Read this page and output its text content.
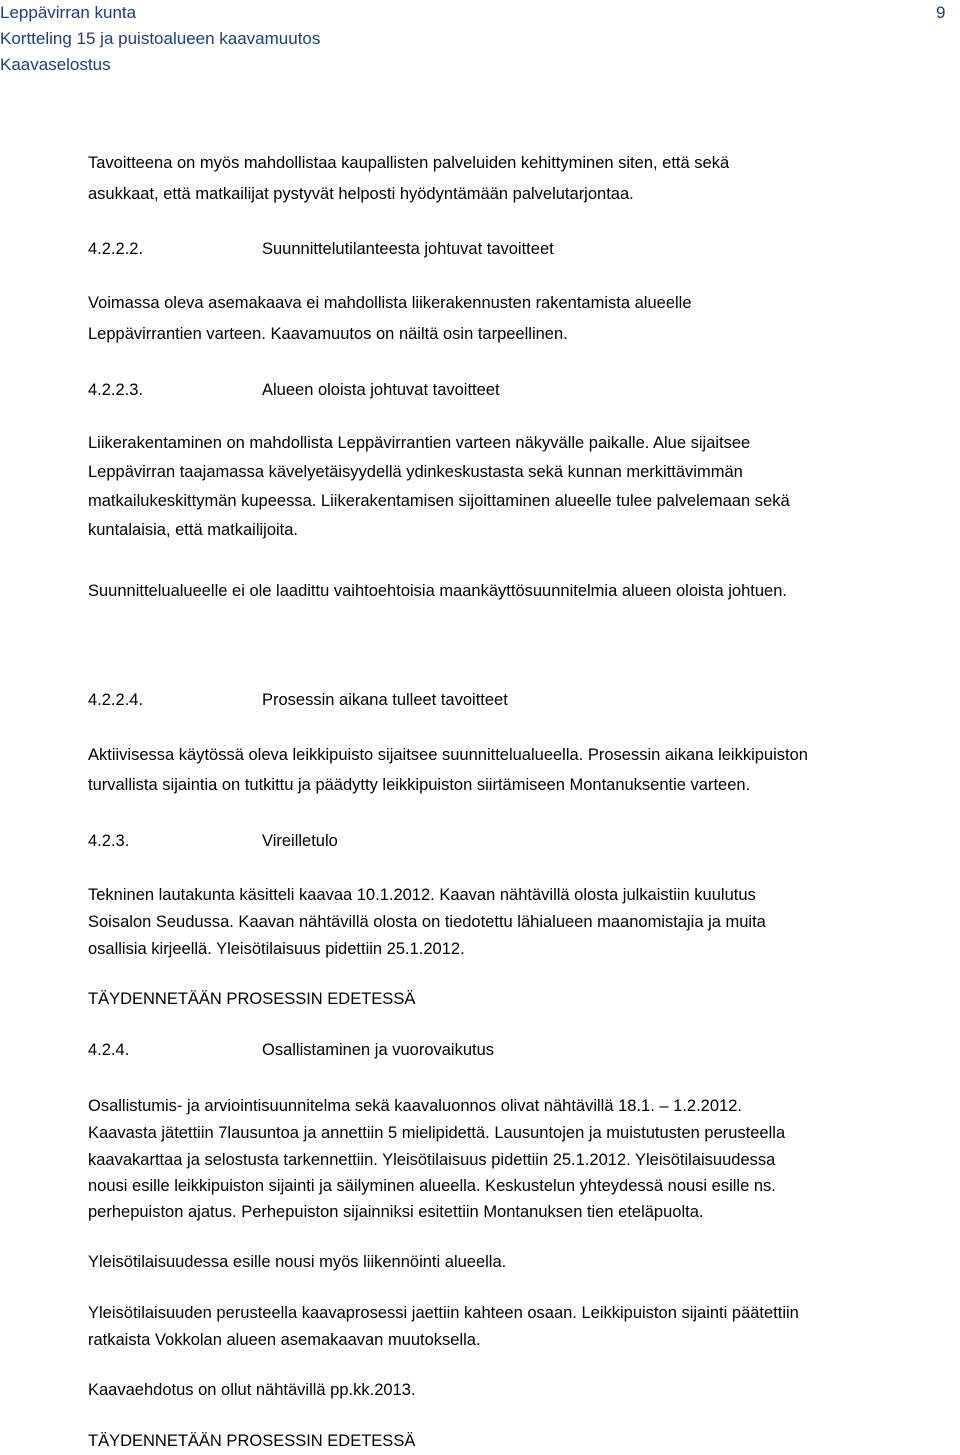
Leppävirran kunta
Kortteling 15 ja puistoalueen kaavamuutos
Kaavaselostus
9
Tavoitteena on myös mahdollistaa kaupallisten palveluiden kehittyminen siten, että sekä
asukkaat, että matkailijat pystyvät helposti hyödyntämään palvelutarjontaa.
4.2.2.2.	Suunnittelutilanteesta johtuvat tavoitteet
Voimassa oleva asemakaava ei mahdollista liikerakennusten rakentamista alueelle
Leppävirrantien varteen. Kaavamuutos on näiltä osin tarpeellinen.
4.2.2.3.	Alueen oloista johtuvat tavoitteet
Liikerakentaminen on mahdollista Leppävirrantien varteen näkyvälle paikalle. Alue sijaitsee
Leppävirran taajamassa kävelyetäisyydellä ydinkeskustasta sekä kunnan merkittävimmän
matkailukeskittymän kupeessa. Liikerakentamisen sijoittaminen alueelle tulee palvelemaan sekä
kuntalaisia, että matkailijoita.
Suunnittelualueelle ei ole laadittu vaihtoehtoisia maankäyttösuunnitelmia alueen oloista johtuen.
4.2.2.4.	Prosessin aikana tulleet tavoitteet
Aktiivisessa käytössä oleva leikkipuisto sijaitsee suunnittelualueella. Prosessin aikana leikkipuiston
turvallista sijaintia on tutkittu ja päädytty leikkipuiston siirtämiseen Montanuksentie varteen.
4.2.3.	Vireilletulo
Tekninen lautakunta käsitteli kaavaa 10.1.2012. Kaavan nähtävillä olosta julkaistiin kuulutus
Soisalon Seudussa. Kaavan nähtävillä olosta on tiedotettu lähialueen maanomistajia ja muita
osallisia kirjeellä. Yleisötilaisuus pidettiin 25.1.2012.
TÄYDENNETÄÄN PROSESSIN EDETESSÄ
4.2.4.	Osallistaminen ja vuorovaikutus
Osallistumis- ja arviointisuunnitelma sekä kaavaluonnos olivat nähtävillä 18.1. – 1.2.2012.
Kaavasta jätettiin 7lausuntoa ja annettiin 5 mielipidettä. Lausuntojen ja muistutusten perusteella
kaavakarttaa ja selostusta tarkennettiin. Yleisötilaisuus pidettiin 25.1.2012. Yleisötilaisuudessa
nousi esille leikkipuiston sijainti ja säilyminen alueella. Keskustelun yhteydessä nousi esille ns.
perhepuiston ajatus. Perhepuiston sijainniksi esitettiin Montanuksen tien eteläpuolta.
Yleisötilaisuudessa esille nousi myös liikennöinti alueella.
Yleisötilaisuuden perusteella kaavaprosessi jaettiin kahteen osaan. Leikkipuiston sijainti päätettiin
ratkaista Vokkolan alueen asemakaavan muutoksella.
Kaavaehdotus on ollut nähtävillä pp.kk.2013.
TÄYDENNETÄÄN PROSESSIN EDETESSÄ
